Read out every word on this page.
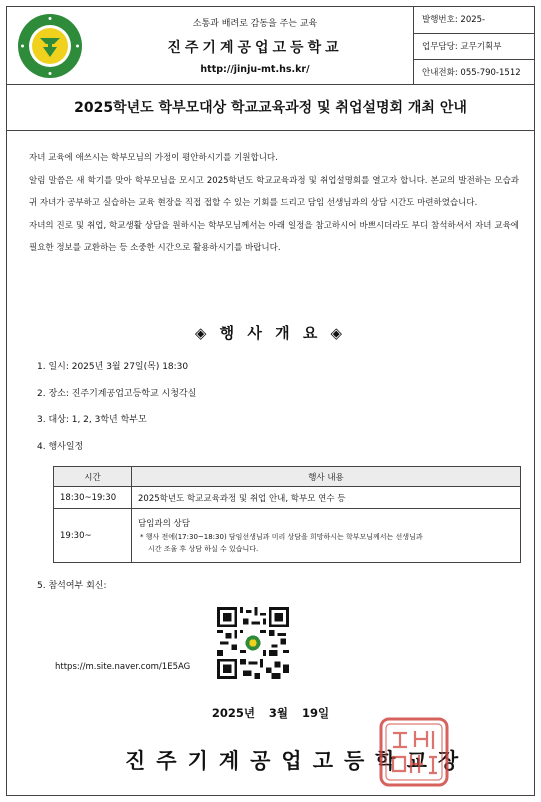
소통과 배려로 감동을 주는 교육
진주기계공업고등학교
http://jinju-mt.hs.kr/
발행번호: 2025-
업무담당: 교무기획부
안내전화: 055-790-1512
2025학년도 학부모대상 학교교육과정 및 취업설명회 개최 안내

자녀 교육에 애쓰시는 학부모님의 가정이 평안하시기를 기원합니다.

알림 말씀은 새 학기를 맞아 학부모님을 모시고 2025학년도 학교교육과정 및 취업설명회를 열고자 합니다. 본교의 발전하는 모습과 귀 자녀가 공부하고 실습하는 교육 현장을 직접 접할 수 있는 기회를 드리고 담임 선생님과의 상담 시간도 마련하였습니다.

자녀의 진로 및 취업, 학교생활 상담을 원하시는 학부모님께서는 아래 일정을 참고하시어 바쁘시더라도 부디 참석하셔서 자녀 교육에 필요한 정보를 교환하는 등 소중한 시간으로 활용하시기를 바랍니다.

◈ 행 사 개 요 ◈
1. 일시: 2025년 3월 27일(목) 18:30
2. 장소: 진주기계공업고등학교 시청각실
3. 대상: 1, 2, 3학년 학부모
4. 행사일정
시간	행사 내용
18:30~19:30	2025학년도 학교교육과정 및 취업 안내, 학부모 연수 등
19:30~	담임과의 상담
* 행사 전에(17:30~18:30) 담임선생님과 미리 상담을 희망하시는 학부모님께서는 선생님과
시간 조율 후 상담 하실 수 있습니다.
5. 참석여부 회신:
https://m.site.naver.com/1E5AG
2025년 3월 19일
진주기계공업고등학교장
